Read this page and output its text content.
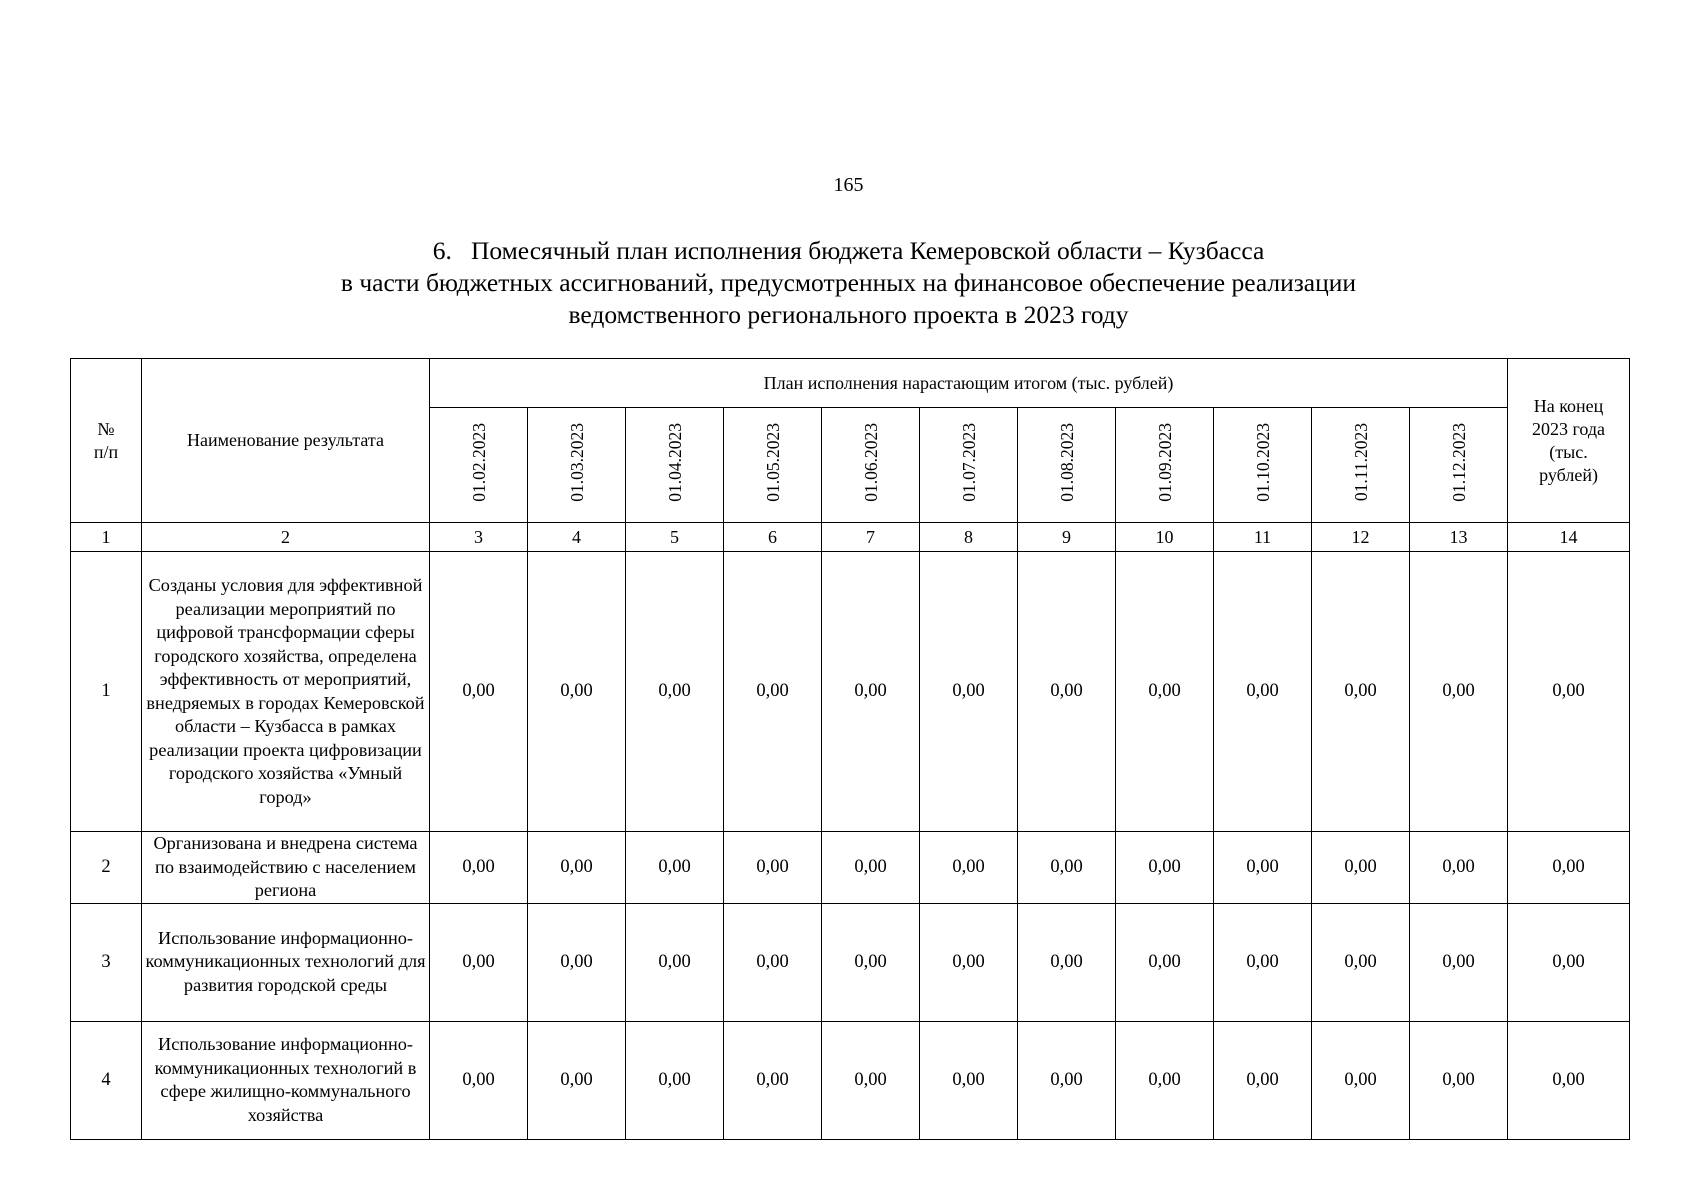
165
6.   Помесячный план исполнения бюджета Кемеровской области – Кузбасса
в части бюджетных ассигнований, предусмотренных на финансовое обеспечение реализации
ведомственного регионального проекта в 2023 году
№ п/п	Наименование результата	План исполнения нарастающим итогом (тыс. рублей)											На конец 2023 года (тыс. рублей)
		01.02.2023	01.03.2023	01.04.2023	01.05.2023	01.06.2023	01.07.2023	01.08.2023	01.09.2023	01.10.2023	01.11.2023	01.12.2023	
1	2	3	4	5	6	7	8	9	10	11	12	13	14
1	Созданы условия для эффективной реализации мероприятий по цифровой трансформации сферы городского хозяйства, определена эффективность от мероприятий, внедряемых в городах Кемеровской области – Кузбасса в рамках реализации проекта цифровизации городского хозяйства «Умный город»	0,00	0,00	0,00	0,00	0,00	0,00	0,00	0,00	0,00	0,00	0,00	0,00
2	Организована и внедрена система по взаимодействию с населением региона	0,00	0,00	0,00	0,00	0,00	0,00	0,00	0,00	0,00	0,00	0,00	0,00
3	Использование информационно-коммуникационных технологий для развития городской среды	0,00	0,00	0,00	0,00	0,00	0,00	0,00	0,00	0,00	0,00	0,00	0,00
4	Использование информационно-коммуникационных технологий в сфере жилищно-коммунального хозяйства	0,00	0,00	0,00	0,00	0,00	0,00	0,00	0,00	0,00	0,00	0,00	0,00
